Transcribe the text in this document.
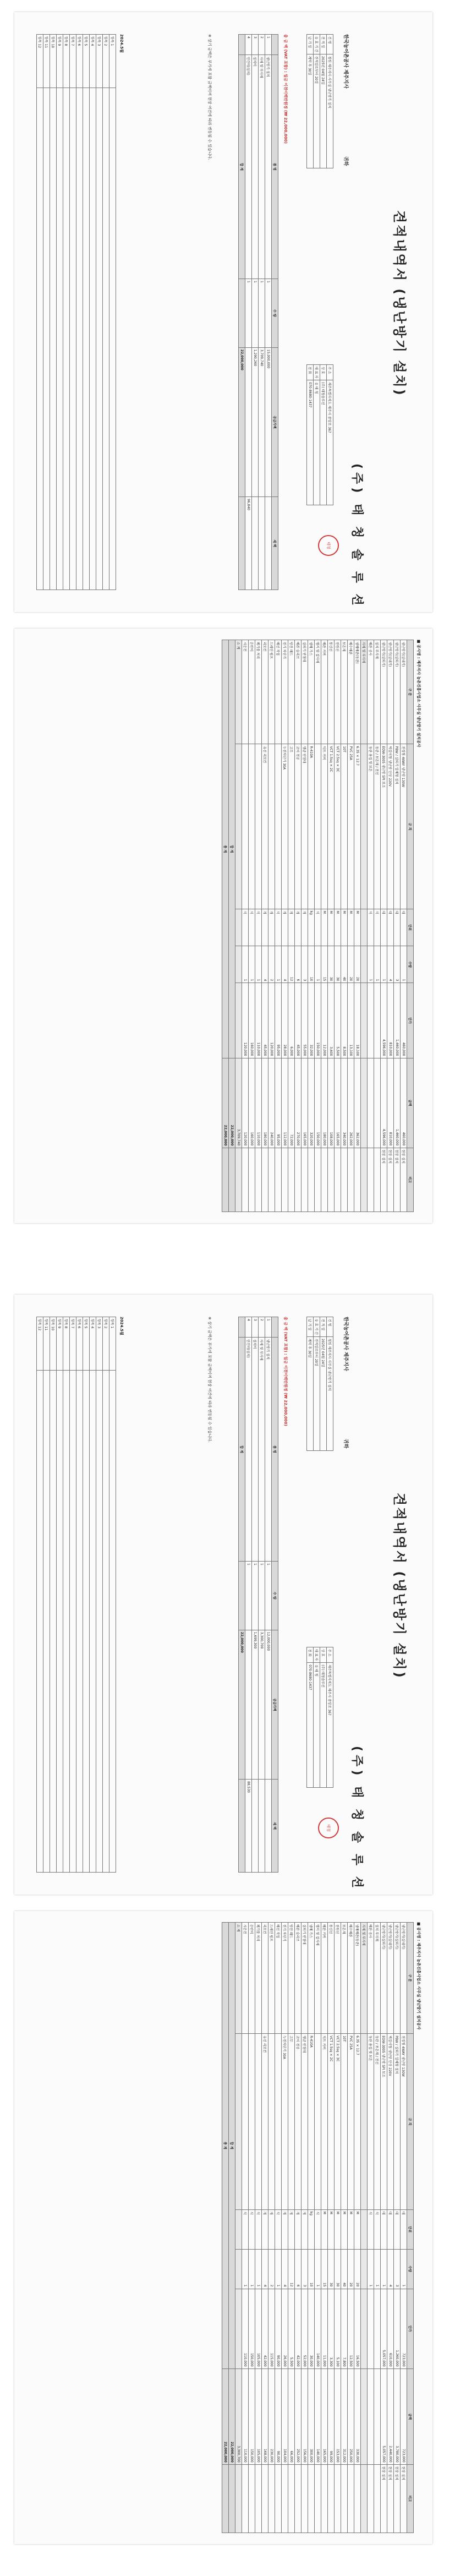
견적내역서 (냉난방기 설치)
(주) 태 청 솔 루 션
태청
한국농어촌공사 제주지사 귀하
건 명	청원 제주지사 사무실 냉난방기 설치
견 적 일	2025년 04월 24일
유 효 기 간	견적일로부터 20일
납 기 일	계약 후 30일
주 소	제주특별자치도 제주시 중앙로 367
상 호	(주) 태청솔루션
대 표 자	유 태 청
전 화	070-8680-1437
총 금 액 (VAT 포함) : 일금 이천이백만원정 (₩ 22,000,000)
	품 명	수 량	공급가액	세 액
1	냉난방기 설치	1	15,000,000	
2	자재 및 부자재	1	3,709,740	
3	설치비	1	1,290,260	
4	인건비(설치)	1		96,840
	합 계		22,000,000	
※ 상기 금액은 부가세 포함 금액이며 현장 여건에 따라 변동될 수 있습니다.
2024.5월
항목 1	
항목 2	
항목 3	
항목 4	
항목 5	
항목 6	
항목 7	
항목 8	
항목 9	
항목 10	
항목 11	
항목 12	
■ 공사명 : 제주지사 농촌진흥사업소 사무실 냉난방기 설치공사
구 분	규 격	단위	수량	단가	금액	비고
냉난방기(실내기)	천정형 4WAY 냉난방 130W	대	1	460,000	460,000	현장 설치
냉난방기(실외기)	PBW / 실외기 일체형 설치	대	3	1,460,000	1,460,000	현장 설치
냉난방기(실내기)	벽걸이형 냉난방 단상 220V	대	4	810,000	810,000	현장 설치
냉난방기(실외기)	EOW-3005 냉난방 SPI 보조	대	1	4,596,000	4,596,000	현장 설치
설치 부자재	동관 / 보온재 / 전선	식	1			
배관 공사	동관 용접 및 보온	식	1			
자재 및 부자재						
냉매배관(동관)	6.35 × 12.7	M	20	18,100	362,000	
배수배관	PVC 25A	M	20	13,100	262,000	
보온재	10T	M	40	8,500	340,000	
전원선	VCT 2.5sq × 3C	M	30	5,500	165,000	
통신선	VCT 1.5sq × 2C	M	30	3,600	108,000	
배관 커버	덕트 커버	M	15	12,000	180,000	
앵커 및 잡자재		식	1	150,000	150,000	
냉매 가스	R-410A	kg	10	32,000	320,000	
실외기 받침대	앵글 받침대	개	3	55,000	165,000	
배관 슬리브	코어 천공	개	6	45,000	270,000	
방진 패드	고무	개	12	6,000	72,000	
전기 차단기	누전차단기 30A	개	4	28,000	112,000	
배선 작업		식	1	95,000	95,000	
드레인 펌프		개	2	120,000	240,000	
리모컨	유선 리모컨	개	4	45,000	180,000	
폐기물 처리		식	1	110,000	110,000	
운반비		식	1	160,000	160,000	
시운전		식	1	120,000	120,000	
소 계					3,709,740	
합 계					22,000,000	
총 계					22,000,000	
견적내역서 (냉난방기 설치)
(주) 태 청 솔 루 션
태청
한국농어촌공사 제주지사 귀하
건 명	청원 제주지사 사무실 냉난방기 설치
견 적 일	2025년 04월 24일
유 효 기 간	견적일로부터 20일
납 기 일	계약 후 30일
주 소	제주특별자치도 제주시 중앙로 367
상 호	(주) 태청솔루션
대 표 자	유 태 청
전 화	070-8680-1437
총 금 액 (VAT 포함) : 일금 이천이백만원정 (₩ 22,000,000)
	품 명	수 량	공급가액	세 액
1	냉난방기 설치	1	12,000,000	
2	자재 및 부자재	1	3,300,700	
3	설치비	1	1,699,300	
4	인건비(설치)	1		88,530
	합 계		22,000,000	
※ 상기 금액은 부가세 포함 금액이며 현장 여건에 따라 변동될 수 있습니다.
2024.5월
항목 1	
항목 2	
항목 3	
항목 4	
항목 5	
항목 6	
항목 7	
항목 8	
항목 9	
항목 10	
항목 11	
항목 12	
■ 공사명 : 제주지사 농촌진흥사업소 사무실 냉난방기 설치공사
구 분	규 격	단위	수량	단가	금액	비고
냉난방기(실내기)	천정형 4WAY 냉난방 130W	대	1	723,000	723,000	현장 설치
냉난방기(실외기)	PBW / 실외기 일체형 설치	대	3	1,260,000	3,780,000	현장 설치
냉난방기(실내기)	벽걸이형 냉난방 단상 220V	대	4	610,000	2,440,000	현장 설치
냉난방기(실외기)	EOW-3005 냉난방 SPI 보조	대	1	5,057,000	5,057,000	현장 설치
설치 부자재	동관 / 보온재 / 전선	식	1			
배관 공사	동관 용접 및 보온	식	1			
자재 및 부자재						
냉매배관(동관)	6.35 × 12.7	M	20	16,500	330,000	
배수배관	PVC 25A	M	20	12,500	250,000	
보온재	10T	M	40	7,800	312,000	
전원선	VCT 2.5sq × 3C	M	30	5,100	153,000	
통신선	VCT 1.5sq × 2C	M	30	3,300	99,000	
배관 커버	덕트 커버	M	15	11,000	165,000	
앵커 및 잡자재		식	1	140,000	140,000	
냉매 가스	R-410A	kg	10	30,000	300,000	
실외기 받침대	앵글 받침대	개	3	52,000	156,000	
배관 슬리브	코어 천공	개	6	42,000	252,000	
방진 패드	고무	개	12	5,500	66,000	
전기 차단기	누전차단기 30A	개	4	26,000	104,000	
배선 작업		식	1	90,000	90,000	
드레인 펌프		개	2	115,000	230,000	
리모컨	유선 리모컨	개	4	42,000	168,000	
폐기물 처리		식	1	105,000	105,000	
운반비		식	1	150,000	150,000	
시운전		식	1	110,000	110,000	
소 계					3,300,700	
합 계					22,000,000	
총 계					22,000,000	
